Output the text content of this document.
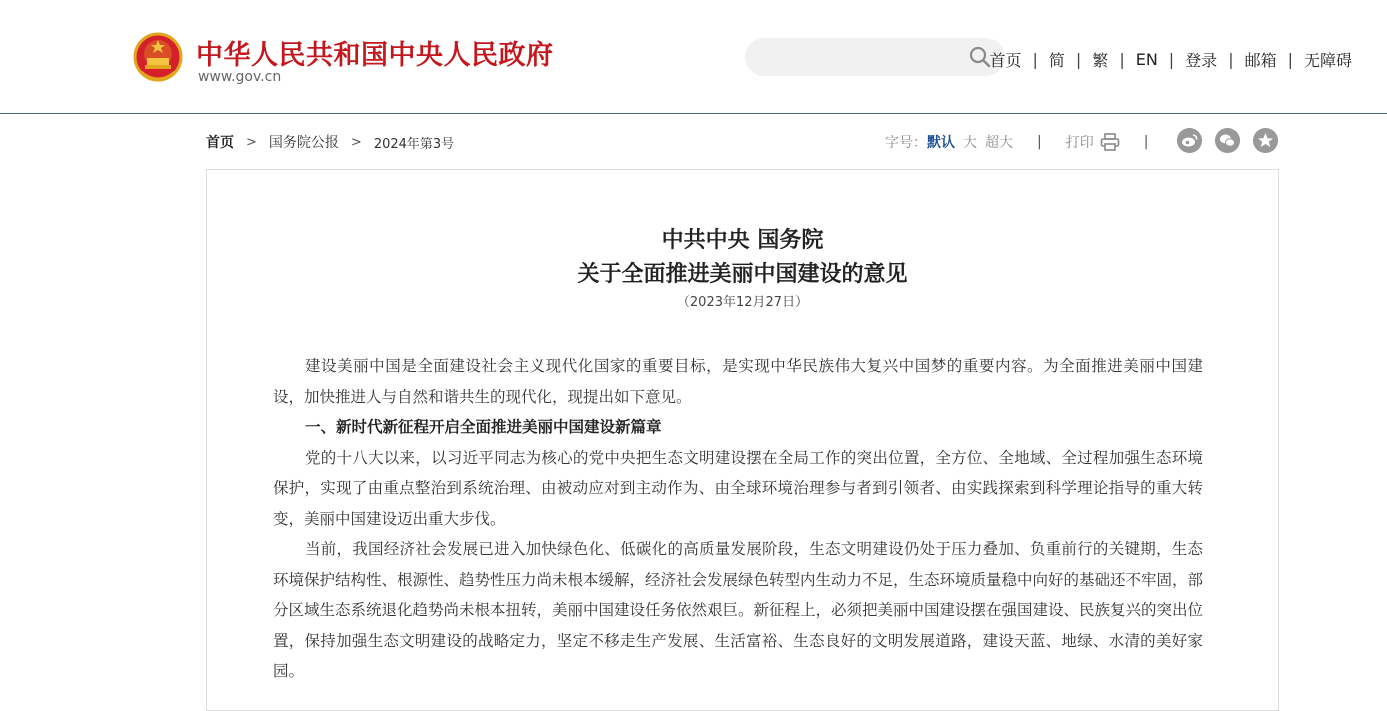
中华人民共和国中央人民政府
www.gov.cn
首页 | 简 | 繁 | EN | 登录 | 邮箱 | 无障碍
首页 > 国务院公报 > 2024年第3号	字号： 默认 大 超大 | 打印	|
中共中央 国务院
关于全面推进美丽中国建设的意见
（2023年12月27日）

建设美丽中国是全面建设社会主义现代化国家的重要目标，是实现中华民族伟大复兴中国梦的重要内容。为全面推进美丽中国建设，加快推进人与自然和谐共生的现代化，现提出如下意见。

一、新时代新征程开启全面推进美丽中国建设新篇章

党的十八大以来，以习近平同志为核心的党中央把生态文明建设摆在全局工作的突出位置，全方位、全地域、全过程加强生态环境保护，实现了由重点整治到系统治理、由被动应对到主动作为、由全球环境治理参与者到引领者、由实践探索到科学理论指导的重大转变，美丽中国建设迈出重大步伐。

当前，我国经济社会发展已进入加快绿色化、低碳化的高质量发展阶段，生态文明建设仍处于压力叠加、负重前行的关键期，生态环境保护结构性、根源性、趋势性压力尚未根本缓解，经济社会发展绿色转型内生动力不足，生态环境质量稳中向好的基础还不牢固，部分区域生态系统退化趋势尚未根本扭转，美丽中国建设任务依然艰巨。新征程上，必须把美丽中国建设摆在强国建设、民族复兴的突出位置，保持加强生态文明建设的战略定力，坚定不移走生产发展、生活富裕、生态良好的文明发展道路，建设天蓝、地绿、水清的美好家园。
